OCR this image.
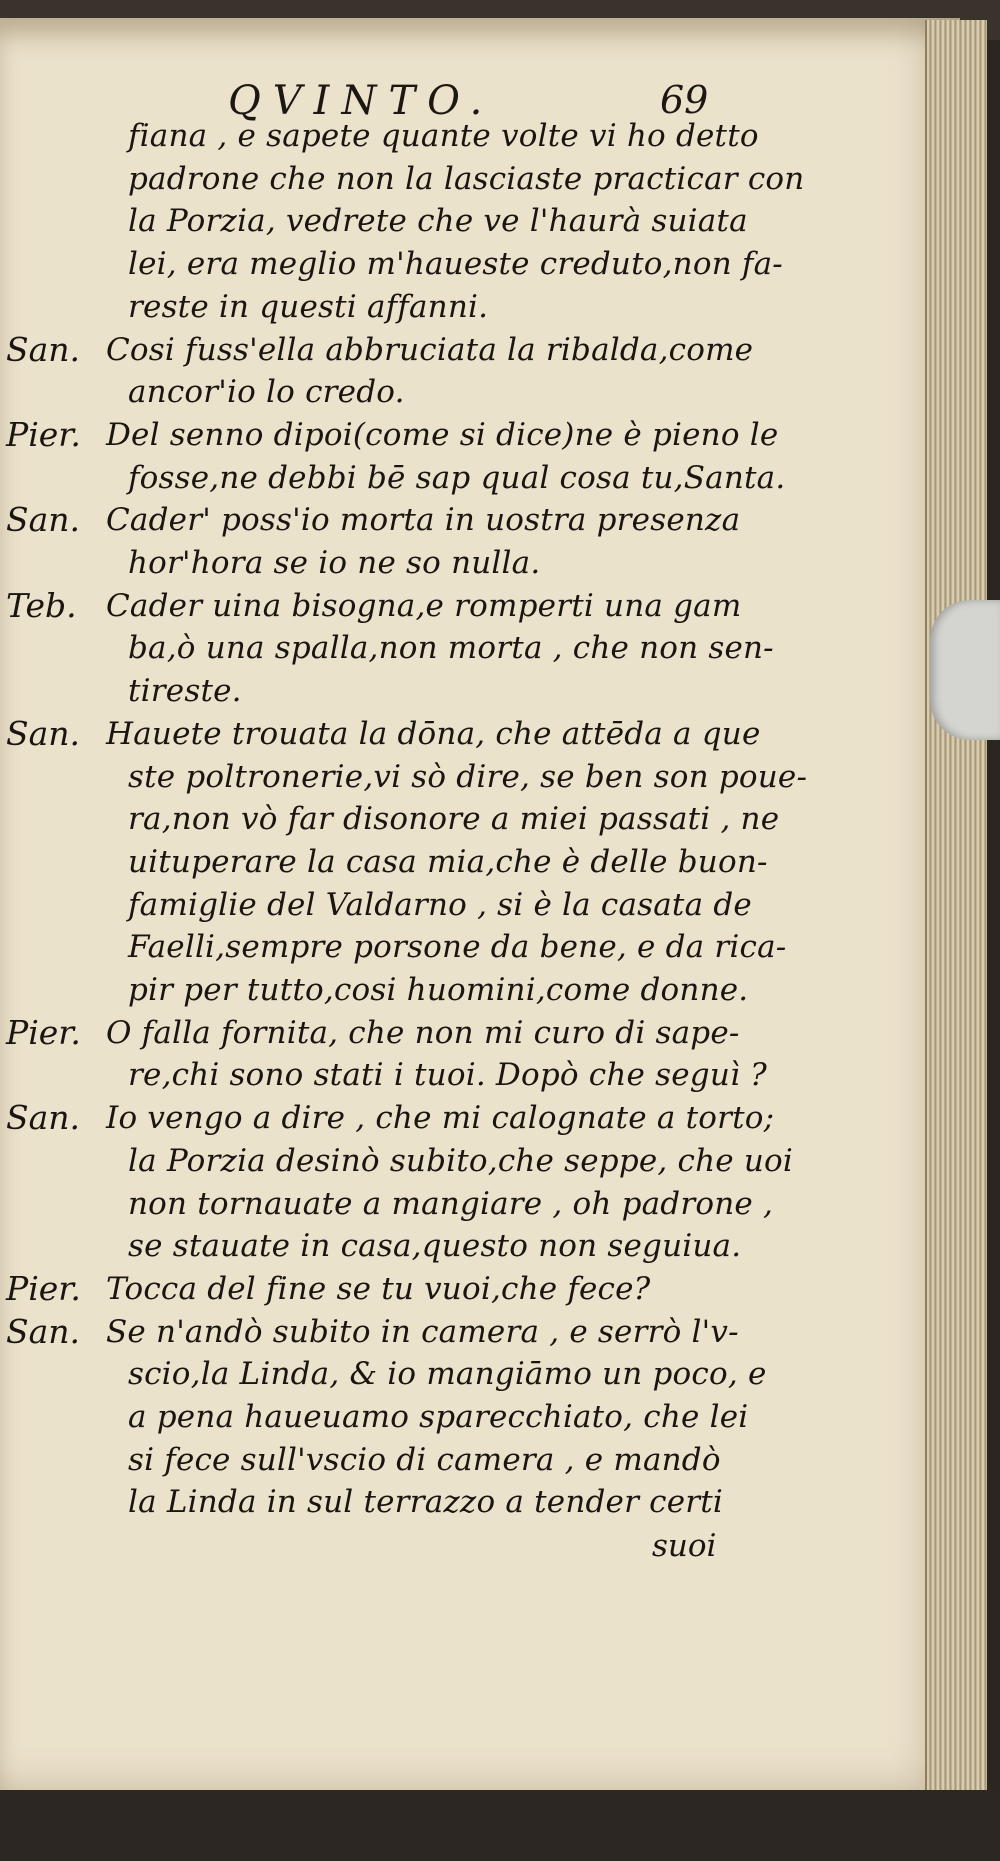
QVINTO.	69
fiana , e sapete quante volte vi ho detto
padrone che non la lasciaste practicar con
la Porzia, vedrete che ve l'haurà suiata
lei, era meglio m'haueste creduto,non fa-
reste in questi affanni.
San. Cosi fuss'ella abbruciata la ribalda,come
ancor'io lo credo.
Pier. Del senno dipoi(come si dice)ne è pieno le
fosse,ne debbi bē sap qual cosa tu,Santa.
San. Cader' poss'io morta in uostra presenza
hor'hora se io ne so nulla.
Teb. Cader uina bisogna,e romperti una gam
ba,ò una spalla,non morta , che non sen-
tireste.
San. Hauete trouata la dōna, che attēda a que
ste poltronerie,vi sò dire, se ben son poue-
ra,non vò far disonore a miei passati , ne
uituperare la casa mia,che è delle buon-
famiglie del Valdarno , si è la casata de
Faelli,sempre porsone da bene, e da rica-
pir per tutto,cosi huomini,come donne.
Pier. O falla fornita, che non mi curo di sape-
re,chi sono stati i tuoi. Dopò che seguì ?
San. Io vengo a dire , che mi calognate a torto;
la Porzia desinò subito,che seppe, che uoi
non tornauate a mangiare , oh padrone ,
se stauate in casa,questo non seguiua.
Pier. Tocca del fine se tu vuoi,che fece?
San. Se n'andò subito in camera , e serrò l'v-
scio,la Linda, & io mangiāmo un poco, e
a pena haueuamo sparecchiato, che lei
si fece sull'vscio di camera , e mandò
la Linda in sul terrazzo a tender certi
suoi
